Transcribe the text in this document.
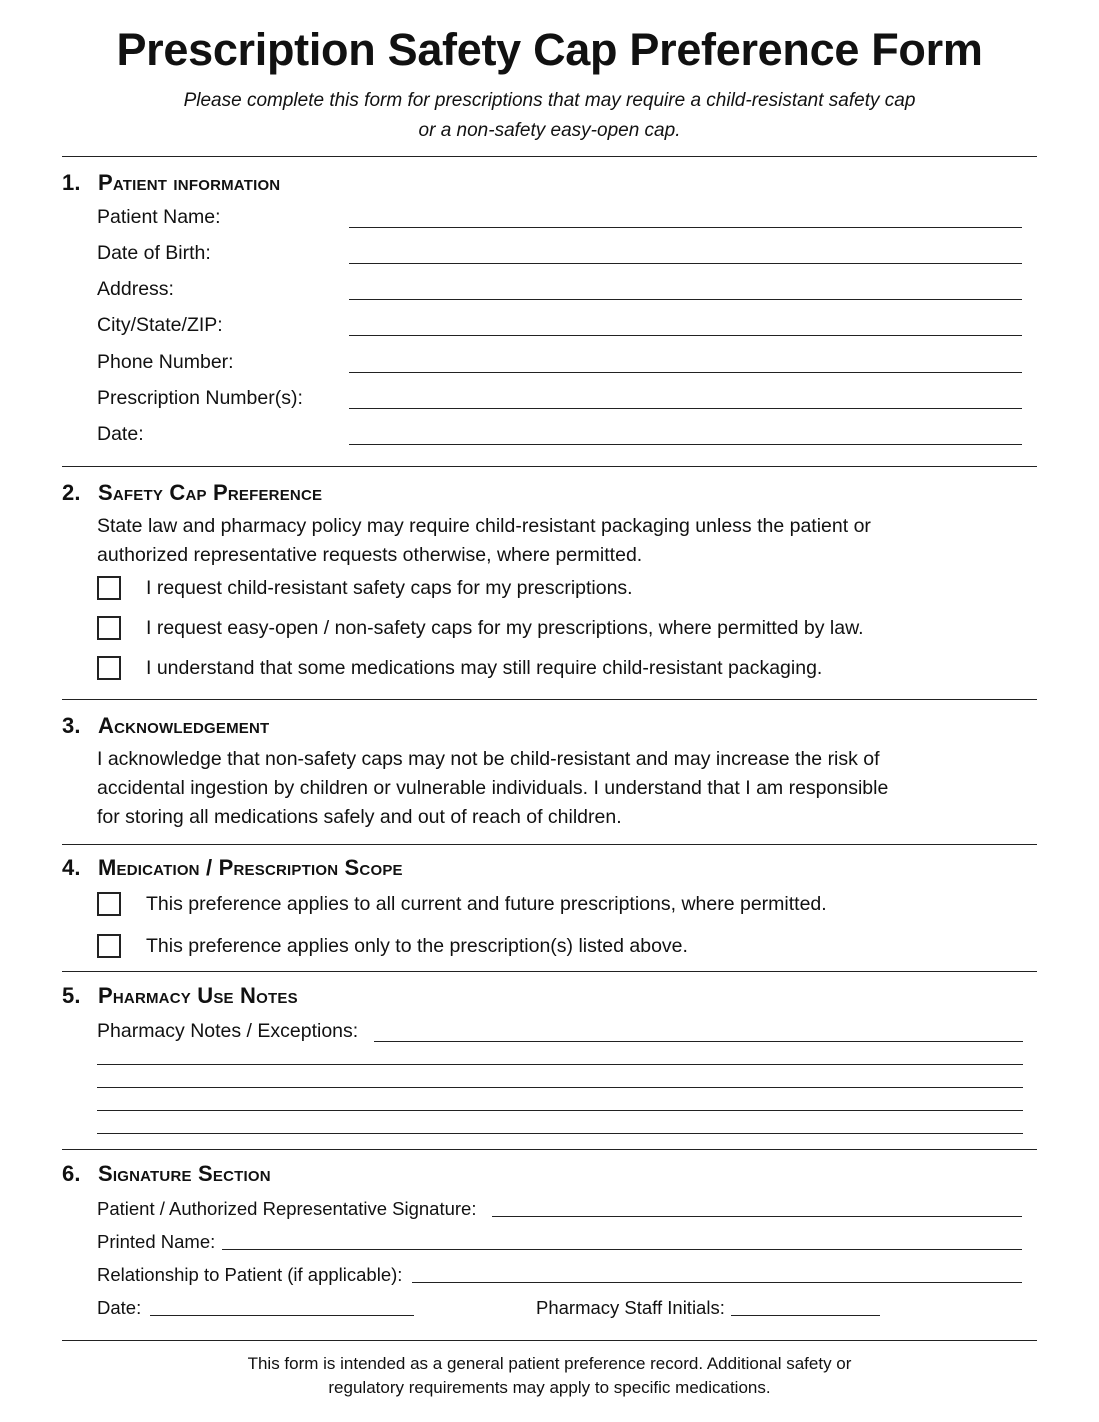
Prescription Safety Cap Preference Form
Please complete this form for prescriptions that may require a child-resistant safety cap
or a non-safety easy-open cap.
1. Patient information
Patient Name:
Date of Birth:
Address:
City/State/ZIP:
Phone Number:
Prescription Number(s):
Date:
2. Safety Cap Preference
State law and pharmacy policy may require child-resistant packaging unless the patient or
authorized representative requests otherwise, where permitted.
I request child-resistant safety caps for my prescriptions.
I request easy-open / non-safety caps for my prescriptions, where permitted by law.
I understand that some medications may still require child-resistant packaging.
3. Acknowledgement
I acknowledge that non-safety caps may not be child-resistant and may increase the risk of
accidental ingestion by children or vulnerable individuals. I understand that I am responsible
for storing all medications safely and out of reach of children.
4. Medication / Prescription Scope
This preference applies to all current and future prescriptions, where permitted.
This preference applies only to the prescription(s) listed above.
5. Pharmacy Use Notes
Pharmacy Notes / Exceptions:
6. Signature Section
Patient / Authorized Representative Signature:
Printed Name:
Relationship to Patient (if applicable):
Date:	Pharmacy Staff Initials:
This form is intended as a general patient preference record. Additional safety or
regulatory requirements may apply to specific medications.
